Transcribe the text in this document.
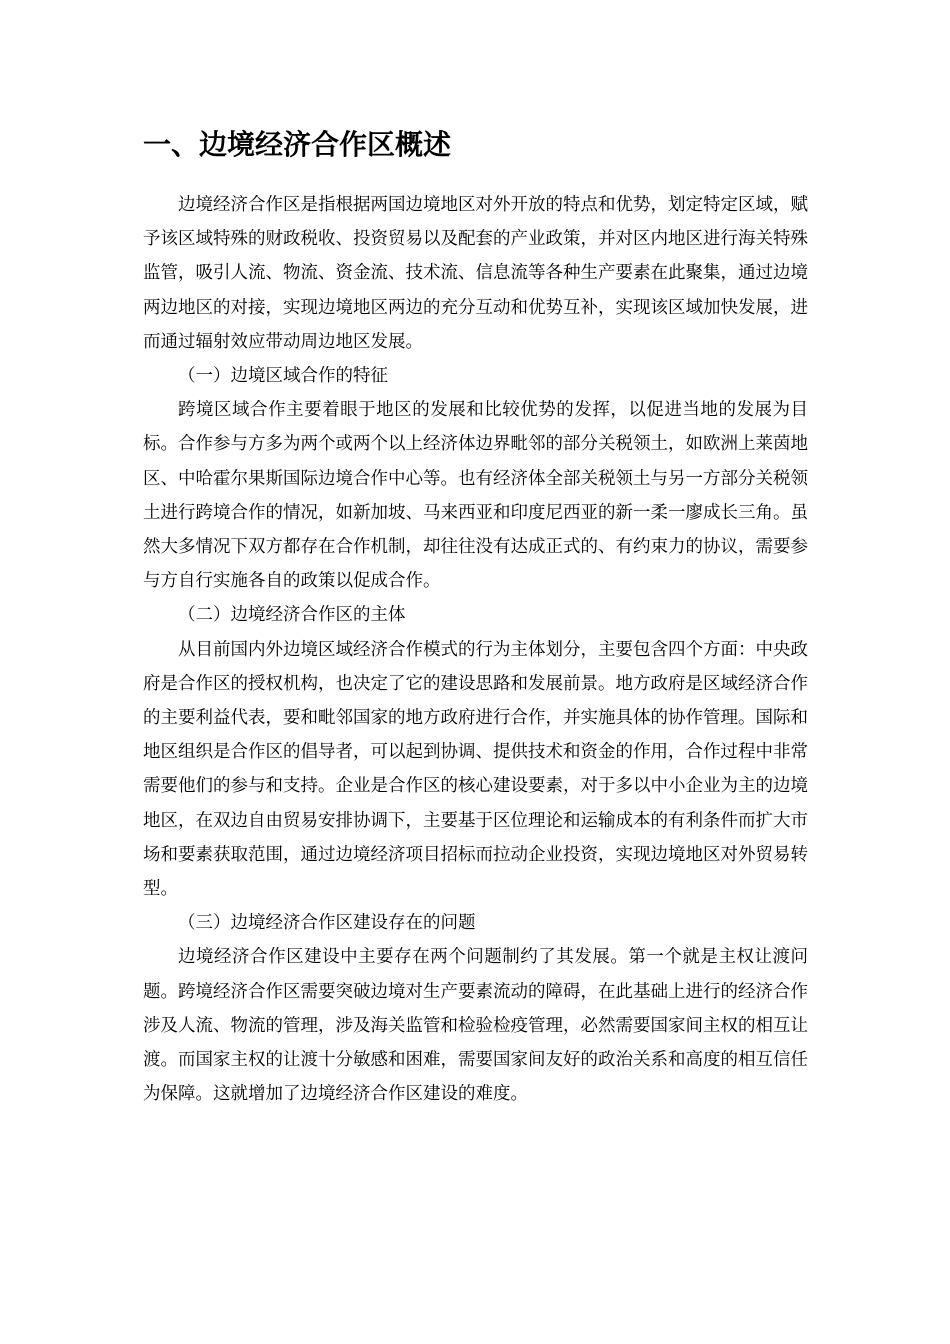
一、边境经济合作区概述

边境经济合作区是指根据两国边境地区对外开放的特点和优势，划定特定区域，赋予该区域特殊的财政税收、投资贸易以及配套的产业政策，并对区内地区进行海关特殊监管，吸引人流、物流、资金流、技术流、信息流等各种生产要素在此聚集，通过边境两边地区的对接，实现边境地区两边的充分互动和优势互补，实现该区域加快发展，进而通过辐射效应带动周边地区发展。

（一）边境区域合作的特征

跨境区域合作主要着眼于地区的发展和比较优势的发挥，以促进当地的发展为目标。合作参与方多为两个或两个以上经济体边界毗邻的部分关税领土，如欧洲上莱茵地区、中哈霍尔果斯国际边境合作中心等。也有经济体全部关税领土与另一方部分关税领土进行跨境合作的情况，如新加坡、马来西亚和印度尼西亚的新一柔一廖成长三角。虽然大多情况下双方都存在合作机制，却往往没有达成正式的、有约束力的协议，需要参与方自行实施各自的政策以促成合作。

（二）边境经济合作区的主体

从目前国内外边境区域经济合作模式的行为主体划分，主要包含四个方面：中央政府是合作区的授权机构，也决定了它的建设思路和发展前景。地方政府是区域经济合作的主要利益代表，要和毗邻国家的地方政府进行合作，并实施具体的协作管理。国际和地区组织是合作区的倡导者，可以起到协调、提供技术和资金的作用，合作过程中非常需要他们的参与和支持。企业是合作区的核心建设要素，对于多以中小企业为主的边境地区，在双边自由贸易安排协调下，主要基于区位理论和运输成本的有利条件而扩大市场和要素获取范围，通过边境经济项目招标而拉动企业投资，实现边境地区对外贸易转型。

（三）边境经济合作区建设存在的问题

边境经济合作区建设中主要存在两个问题制约了其发展。第一个就是主权让渡问题。跨境经济合作区需要突破边境对生产要素流动的障碍，在此基础上进行的经济合作涉及人流、物流的管理，涉及海关监管和检验检疫管理，必然需要国家间主权的相互让渡。而国家主权的让渡十分敏感和困难，需要国家间友好的政治关系和高度的相互信任为保障。这就增加了边境经济合作区建设的难度。
